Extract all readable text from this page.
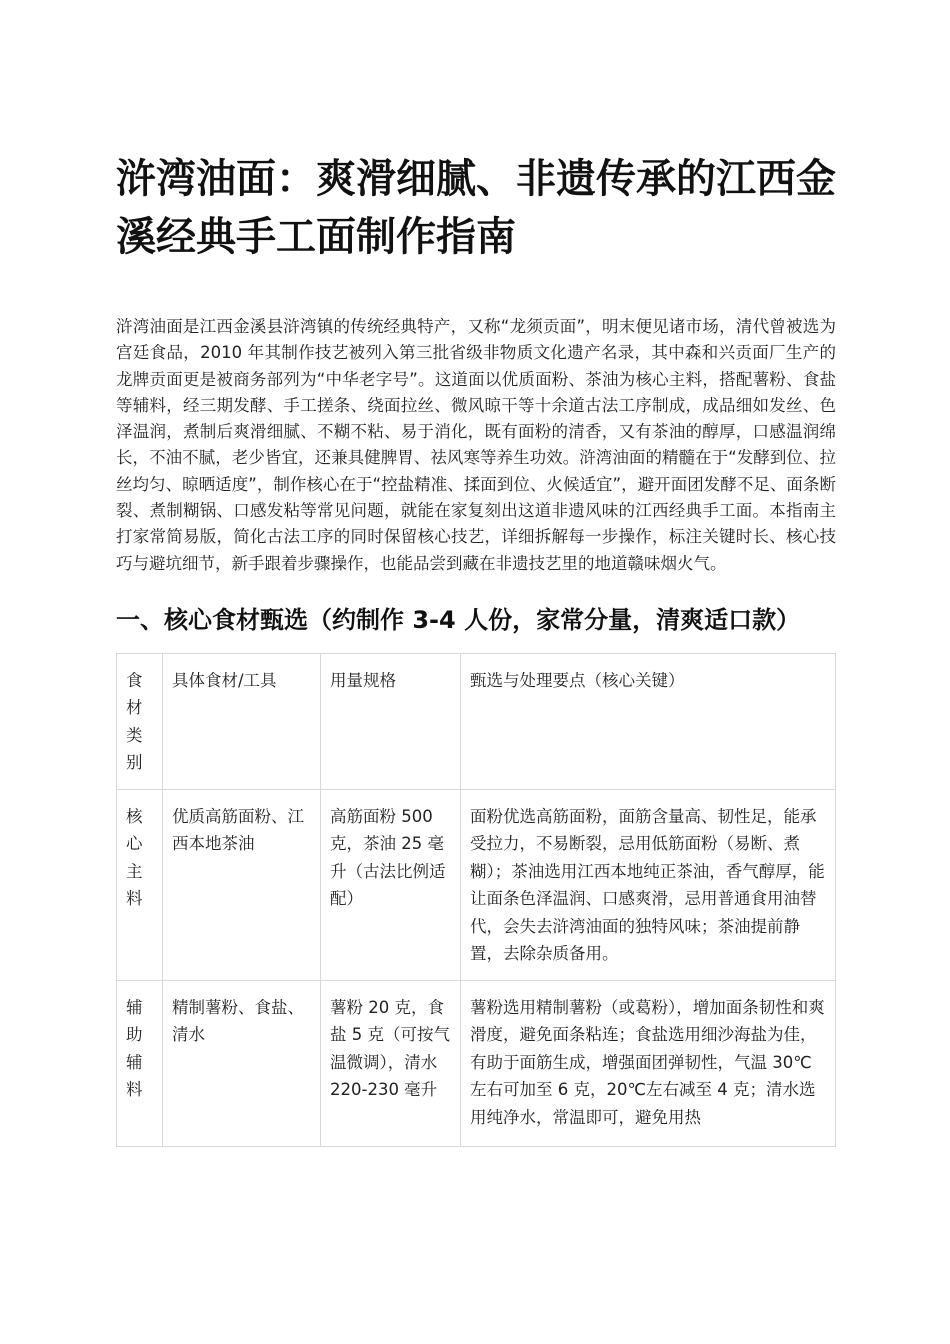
浒湾油面：爽滑细腻、非遗传承的江西金溪经典手工面制作指南

浒湾油面是江西金溪县浒湾镇的传统经典特产，又称“龙须贡面”，明末便见诸市场，清代曾被选为宫廷食品，2010 年其制作技艺被列入第三批省级非物质文化遗产名录，其中森和兴贡面厂生产的龙牌贡面更是被商务部列为“中华老字号”。这道面以优质面粉、茶油为核心主料，搭配薯粉、食盐等辅料，经三期发酵、手工搓条、绕面拉丝、微风晾干等十余道古法工序制成，成品细如发丝、色泽温润，煮制后爽滑细腻、不糊不粘、易于消化，既有面粉的清香，又有茶油的醇厚，口感温润绵长，不油不腻，老少皆宜，还兼具健脾胃、祛风寒等养生功效。浒湾油面的精髓在于“发酵到位、拉丝均匀、晾晒适度”，制作核心在于“控盐精准、揉面到位、火候适宜”，避开面团发酵不足、面条断裂、煮制糊锅、口感发粘等常见问题，就能在家复刻出这道非遗风味的江西经典手工面。本指南主打家常简易版，简化古法工序的同时保留核心技艺，详细拆解每一步操作，标注关键时长、核心技巧与避坑细节，新手跟着步骤操作，也能品尝到藏在非遗技艺里的地道赣味烟火气。

一、核心食材甄选（约制作 3-4 人份，家常分量，清爽适口款）
食材类别	具体食材/工具	用量规格	甄选与处理要点（核心关键）
核心主料	优质高筋面粉、江西本地茶油	高筋面粉 500 克，茶油 25 毫升（古法比例适配）	面粉优选高筋面粉，面筋含量高、韧性足，能承受拉力，不易断裂，忌用低筋面粉（易断、煮糊）；茶油选用江西本地纯正茶油，香气醇厚，能让面条色泽温润、口感爽滑，忌用普通食用油替代，会失去浒湾油面的独特风味；茶油提前静置，去除杂质备用。

辅助辅料	精制薯粉、食盐、清水	薯粉 20 克，食盐 5 克（可按气温微调），清水 220-230 毫升	薯粉选用精制薯粉（或葛粉），增加面条韧性和爽滑度，避免面条粘连；食盐选用细沙海盐为佳，有助于面筋生成，增强面团弹韧性，气温 30℃左右可加至 6 克，20℃左右减至 4 克；清水选用纯净水，常温即可，避免用热
